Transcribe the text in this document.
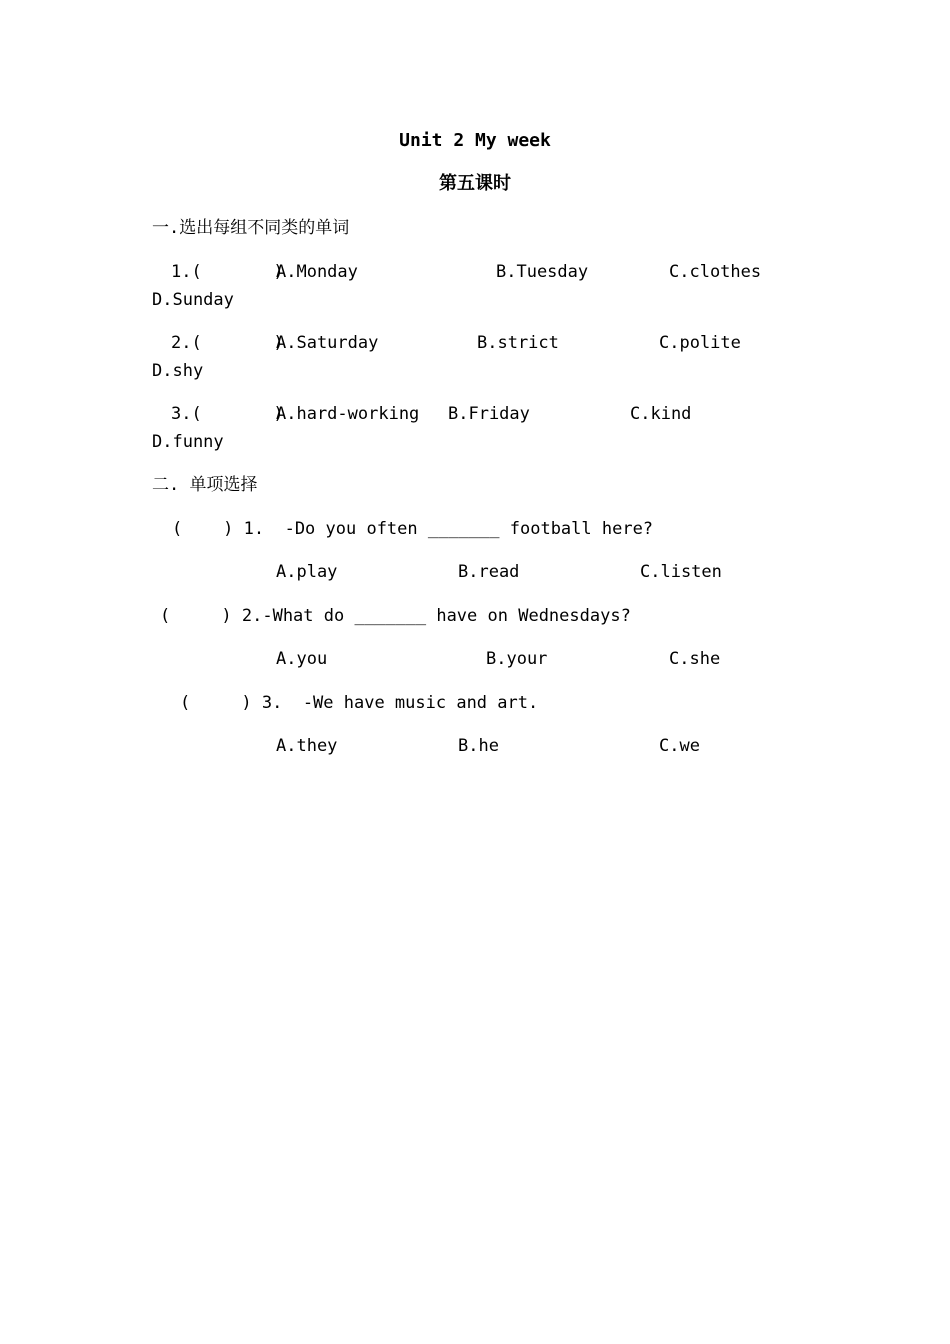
Unit 2 My week
第五课时
一.选出每组不同类的单词
1.(       )
A.Monday	B.Tuesday	C.clothes
D.Sunday
2.(       )
A.Saturday	B.strict	C.polite
D.shy
3.(       )
A.hard-working B.Friday	C.kind
D.funny
二. 单项选择
(    ) 1.  -Do you often _______ football here?
A.play	B.read	C.listen
(     ) 2.-What do _______ have on Wednesdays?
A.you	B.your	C.she
(     ) 3.  -We have music and art.
A.they	B.he	C.we
